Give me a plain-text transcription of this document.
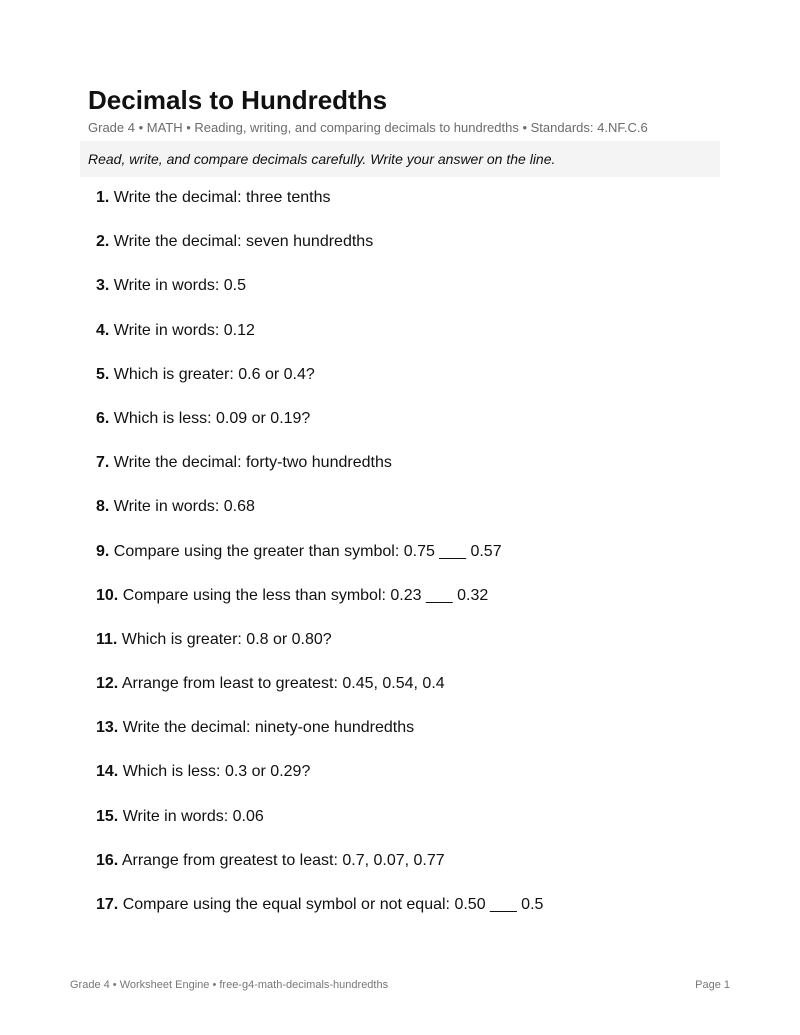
Decimals to Hundredths
Grade 4 • MATH • Reading, writing, and comparing decimals to hundredths • Standards: 4.NF.C.6
Read, write, and compare decimals carefully. Write your answer on the line.
1. Write the decimal: three tenths
2. Write the decimal: seven hundredths
3. Write in words: 0.5
4. Write in words: 0.12
5. Which is greater: 0.6 or 0.4?
6. Which is less: 0.09 or 0.19?
7. Write the decimal: forty-two hundredths
8. Write in words: 0.68
9. Compare using the greater than symbol: 0.75 ___ 0.57
10. Compare using the less than symbol: 0.23 ___ 0.32
11. Which is greater: 0.8 or 0.80?
12. Arrange from least to greatest: 0.45, 0.54, 0.4
13. Write the decimal: ninety-one hundredths
14. Which is less: 0.3 or 0.29?
15. Write in words: 0.06
16. Arrange from greatest to least: 0.7, 0.07, 0.77
17. Compare using the equal symbol or not equal: 0.50 ___ 0.5
Grade 4 • Worksheet Engine • free-g4-math-decimals-hundredths	Page 1
